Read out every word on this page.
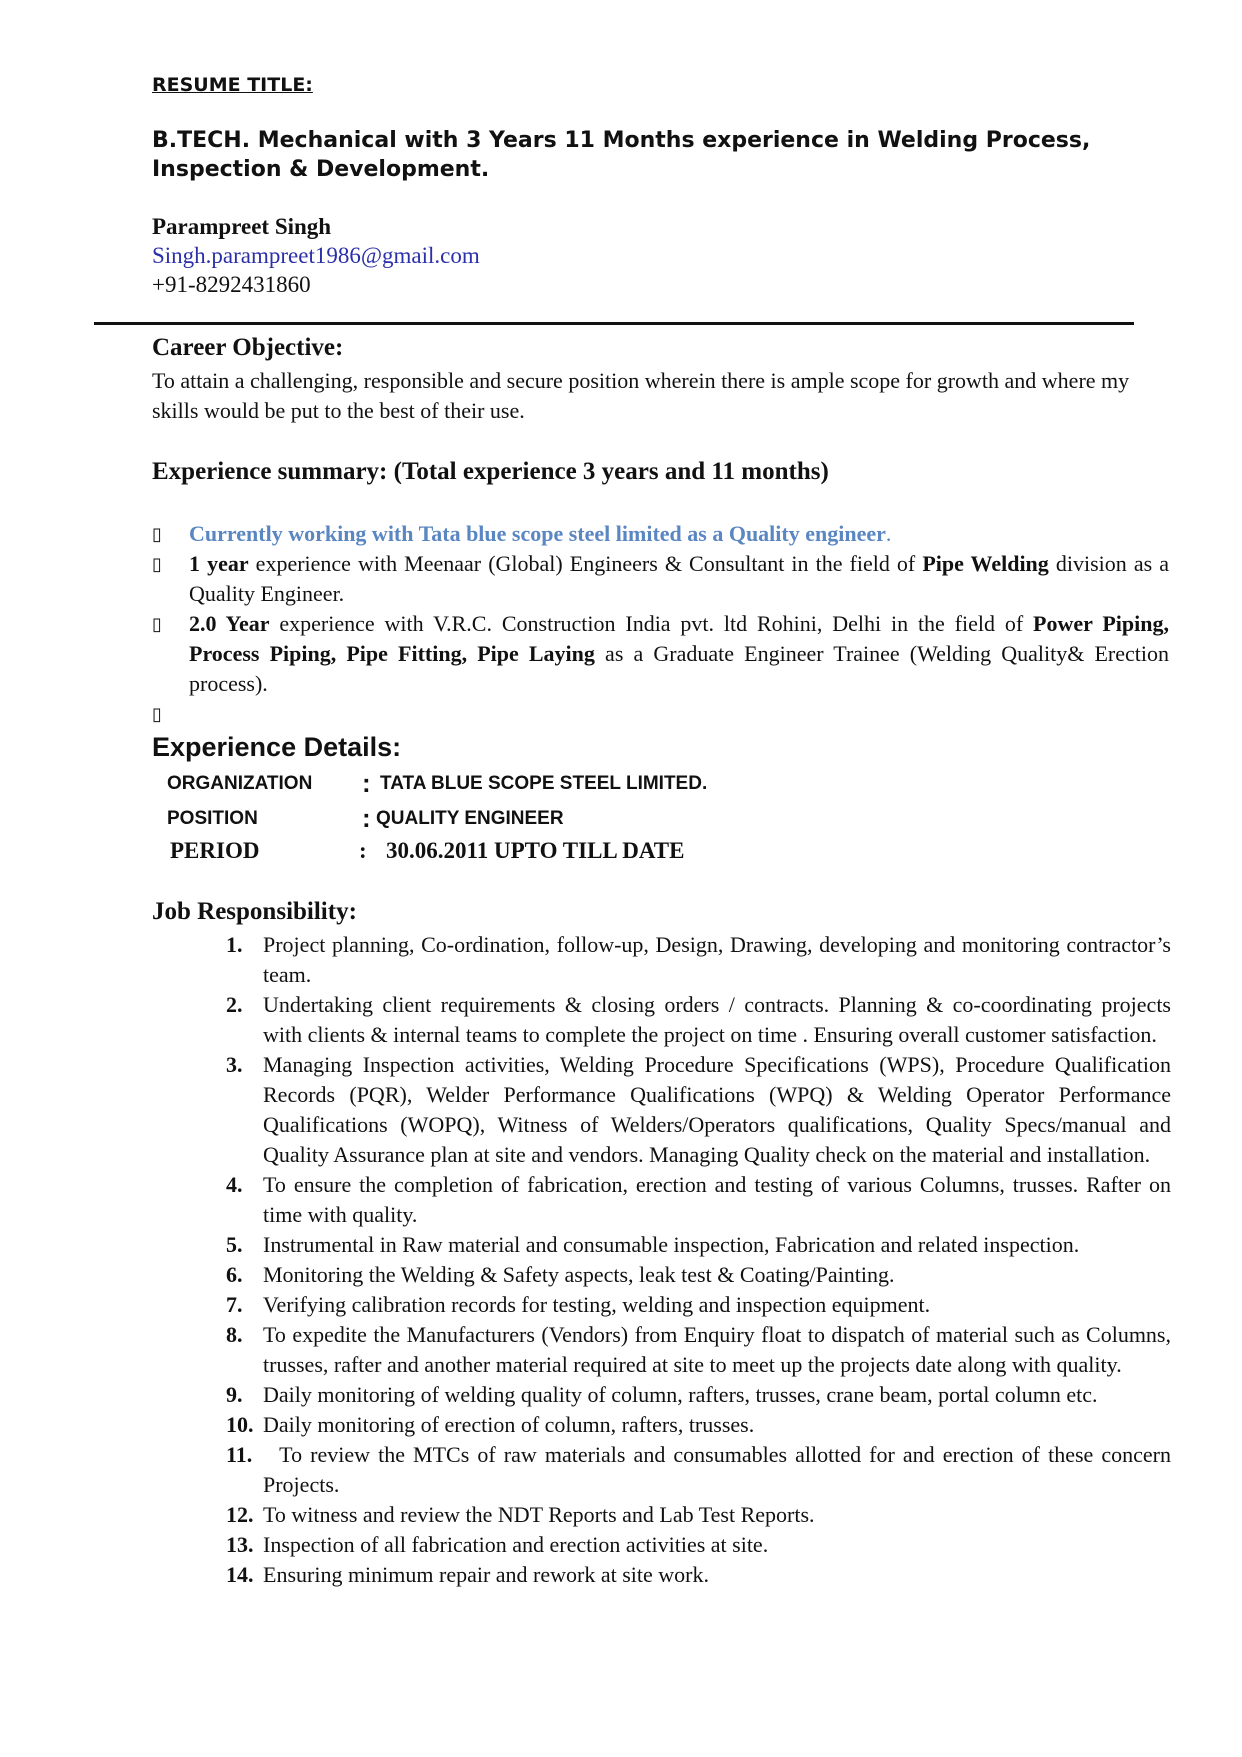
RESUME TITLE:
B.TECH. Mechanical with 3 Years 11 Months experience in Welding Process, Inspection & Development.
Parampreet Singh
Singh.parampreet1986@gmail.com
+91-8292431860
Career Objective:
To attain a challenging, responsible and secure position wherein there is ample scope for growth and where my skills would be put to the best of their use.
Experience summary: (Total experience 3 years and 11 months)
▯	Currently working with Tata blue scope steel limited as a Quality engineer.
▯	1 year experience with Meenaar (Global) Engineers & Consultant in the field of Pipe Welding division as a Quality Engineer.
▯	2.0 Year experience with V.R.C. Construction India pvt. ltd Rohini, Delhi in the field of Power Piping, Process Piping, Pipe Fitting, Pipe Laying as a Graduate Engineer Trainee (Welding Quality& Erection process).
▯
Experience Details:
ORGANIZATION : TATA BLUE SCOPE STEEL LIMITED.
POSITION	: QUALITY ENGINEER
PERIOD	: 30.06.2011 UPTO TILL DATE
Job Responsibility:
1. Project planning, Co-ordination, follow-up, Design, Drawing, developing and monitoring contractor’s team.
2. Undertaking client requirements & closing orders / contracts. Planning & co-coordinating projects with clients & internal teams to complete the project on time . Ensuring overall customer satisfaction.
3. Managing Inspection activities, Welding Procedure Specifications (WPS), Procedure Qualification Records (PQR), Welder Performance Qualifications (WPQ) & Welding Operator Performance Qualifications (WOPQ), Witness of Welders/Operators qualifications, Quality Specs/manual and Quality Assurance plan at site and vendors. Managing Quality check on the material and installation.
4. To ensure the completion of fabrication, erection and testing of various Columns, trusses. Rafter on time with quality.
5. Instrumental in Raw material and consumable inspection, Fabrication and related inspection.
6. Monitoring the Welding & Safety aspects, leak test & Coating/Painting.
7. Verifying calibration records for testing, welding and inspection equipment.
8. To expedite the Manufacturers (Vendors) from Enquiry float to dispatch of material such as Columns, trusses, rafter and another material required at site to meet up the projects date along with quality.
9. Daily monitoring of welding quality of column, rafters, trusses, crane beam, portal column etc.
10. Daily monitoring of erection of column, rafters, trusses.
11. To review the MTCs of raw materials and consumables allotted for and erection of these concern Projects.
12. To witness and review the NDT Reports and Lab Test Reports.
13. Inspection of all fabrication and erection activities at site.
14. Ensuring minimum repair and rework at site work.
